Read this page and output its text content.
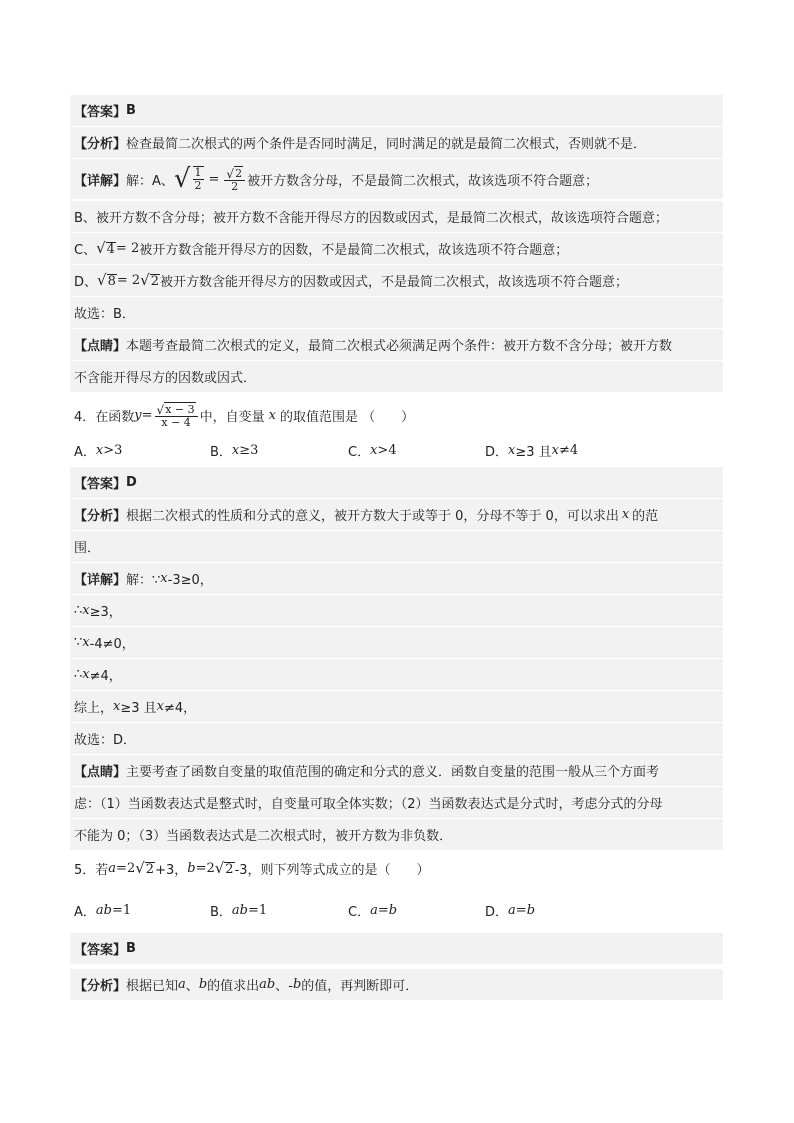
【答案】 B
【分析】 检查最简二次根式的两个条件是否同时满足，同时满足的就是最简二次根式，否则就不是．
【详解】 解：A、 √ $\frac{1}{2} = \frac{√ 2}{2}$ 被开方数含分母，不是最简二次根式，故该选项不符合题意；
B、被开方数不含分母；被开方数不含能开得尽方的因数或因式，是最简二次根式，故该选项符合题意；
C、 √ 4 = 2 被开方数含能开得尽方的因数，不是最简二次根式，故该选项不符合题意；
D、 √ 8 = 2 √ 2 被开方数含能开得尽方的因数或因式，不是最简二次根式，故该选项不符合题意；
故选：B．
【点睛】 本题考查最简二次根式的定义，最简二次根式必须满足两个条件：被开方数不含分母；被开方数
不含能开得尽方的因数或因式．
4．在函数 $y = \frac{√ x - 3}{x - 4}$ 中，自变量 x 的取值范围是 （　　）
A． x >3	B． x ≥3	C． x >4	D． x ≥3 且 x ≠4
【答案】 D
【分析】 根据二次根式的性质和分式的意义，被开方数大于或等于 0，分母不等于 0，可以求出 x 的范
围．
【详解】 解：∵ x -3≥0，
∴ x ≥3，
∵ x -4≠0，
∴ x ≠4，
综上， x ≥3 且 x ≠4，
故选：D．
【点睛】 主要考查了函数自变量的取值范围的确定和分式的意义．函数自变量的范围一般从三个方面考
虑：（1）当函数表达式是整式时，自变量可取全体实数；（2）当函数表达式是分式时，考虑分式的分母
不能为 0；（3）当函数表达式是二次根式时，被开方数为非负数．
5．若 a =2 √ 2 +3， b =2 √ 2 -3，则下列等式成立的是（　　）
A． ab =1	B． ab =1	C． a = b	D． a = b
【答案】 B
【分析】 根据已知 a 、 b 的值求出 ab 、- b 的值，再判断即可．
